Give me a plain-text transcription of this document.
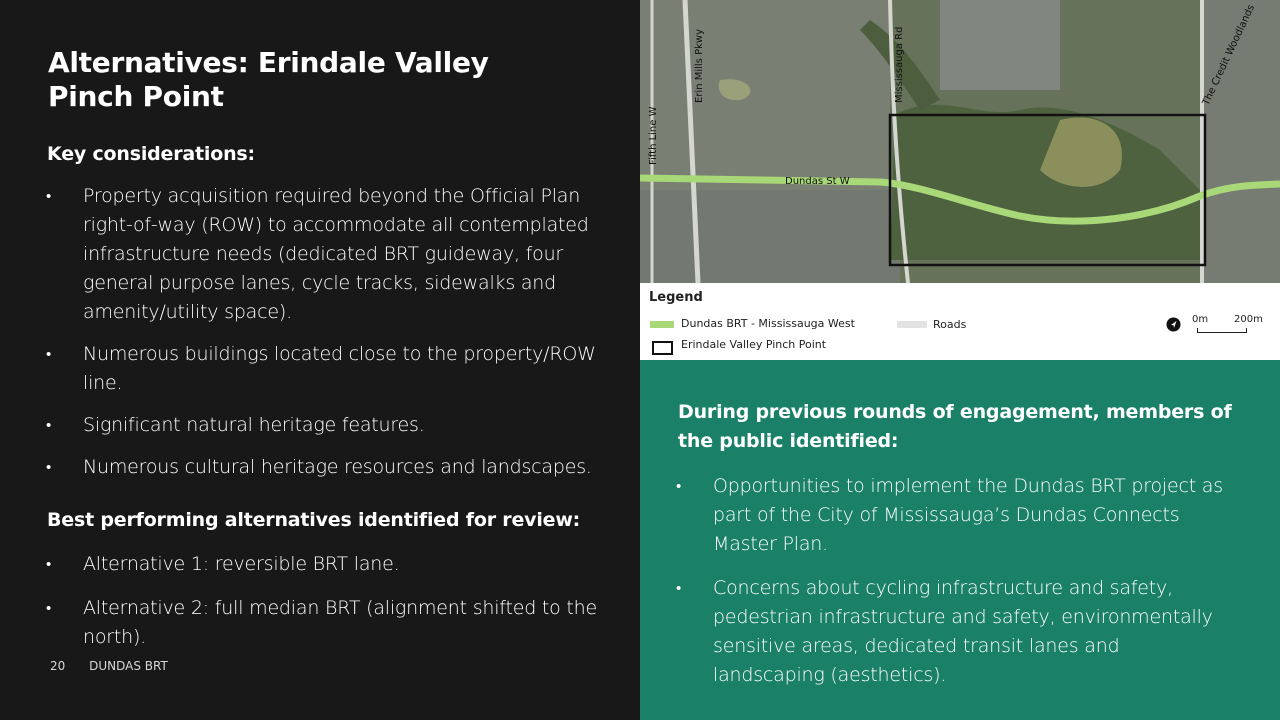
Alternatives: Erindale Valley
Pinch Point
Key considerations:
• Property acquisition required beyond the Official Plan right-of-way (ROW) to accommodate all contemplated infrastructure needs (dedicated BRT guideway, four general purpose lanes, cycle tracks, sidewalks and amenity/utility space).
• Numerous buildings located close to the property/ROW line.
• Significant natural heritage features.
• Numerous cultural heritage resources and landscapes.
Best performing alternatives identified for review:
• Alternative 1: reversible BRT lane.
• Alternative 2: full median BRT (alignment shifted to the north).
20 DUNDAS BRT
Fifth Line W
Erin Mills Pkwy	Mississauga Rd	The Credit Woodlands
Dundas St W
Legend
Dundas BRT - Mississauga West	Roads
Erindale Valley Pinch Point
0m	200m
During previous rounds of engagement, members of the public identified:
• Opportunities to implement the Dundas BRT project as part of the City of Mississauga’s Dundas Connects Master Plan.
• Concerns about cycling infrastructure and safety, pedestrian infrastructure and safety, environmentally sensitive areas, dedicated transit lanes and landscaping (aesthetics).
